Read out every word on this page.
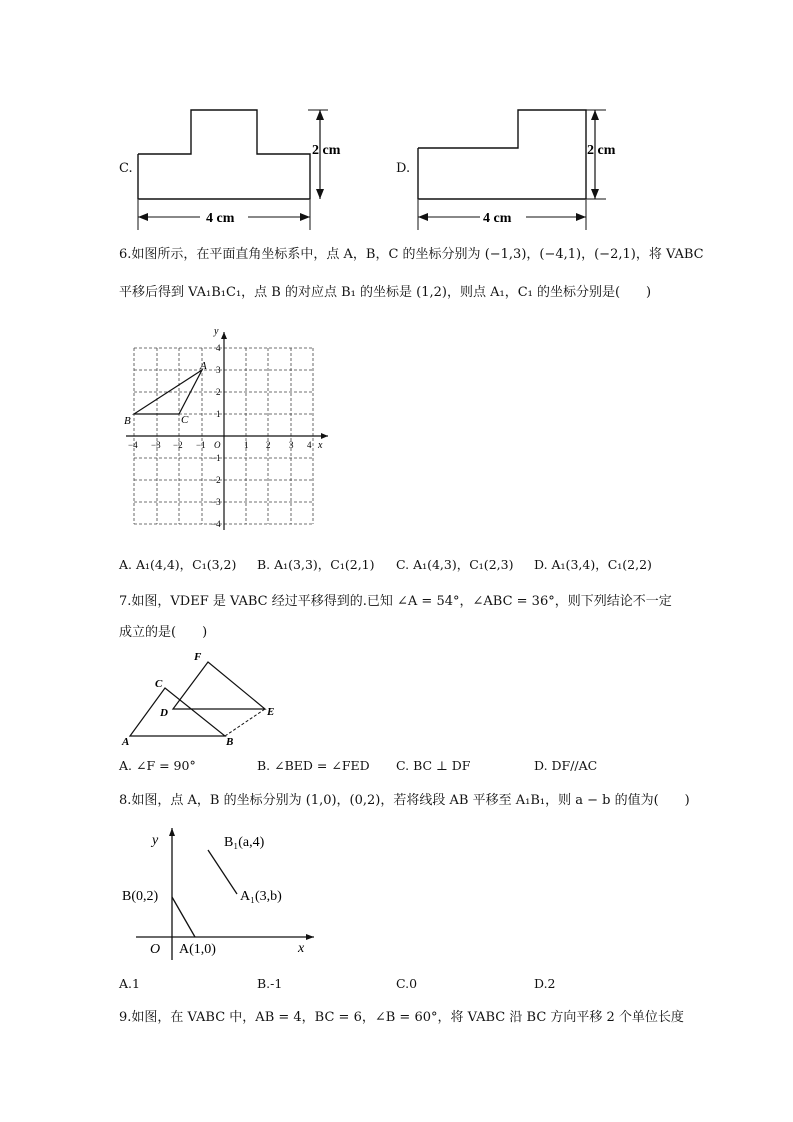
C.
2 cm
4 cm
D.
2 cm
4 cm
6.如图所示，在平面直角坐标系中，点 A，B，C 的坐标分别为 (−1,3)，(−4,1)，(−2,1)，将 VABC
平移后得到 VA₁B₁C₁，点 B 的对应点 B₁ 的坐标是 (1,2)，则点 A₁，C₁ 的坐标分别是(　　)
x
y
−4 −3 −2 −1 O	1 2 3 4
4
3
2
1
−1
−2
−3
−4
A
B	C
A. A₁(4,4)，C₁(3,2) B. A₁(3,3)，C₁(2,1) C. A₁(4,3)，C₁(2,3) D. A₁(3,4)，C₁(2,2)
7.如图，VDEF 是 VABC 经过平移得到的.已知 ∠A = 54°，∠ABC = 36°，则下列结论不一定
成立的是(　　)
A	B
C
D	E
F
A. ∠F = 90°	B. ∠BED = ∠FED C. BC ⊥ DF	D. DF//AC
8.如图，点 A，B 的坐标分别为 (1,0)，(0,2)，若将线段 AB 平移至 A₁B₁，则 a − b 的值为(　　)
y
x
O
B(0,2)
A(1,0)
B₁(a,4)
A₁(3,b)
A.1	B.-1	C.0	D.2
9.如图，在 VABC 中，AB = 4，BC = 6，∠B = 60°，将 VABC 沿 BC 方向平移 2 个单位长度
